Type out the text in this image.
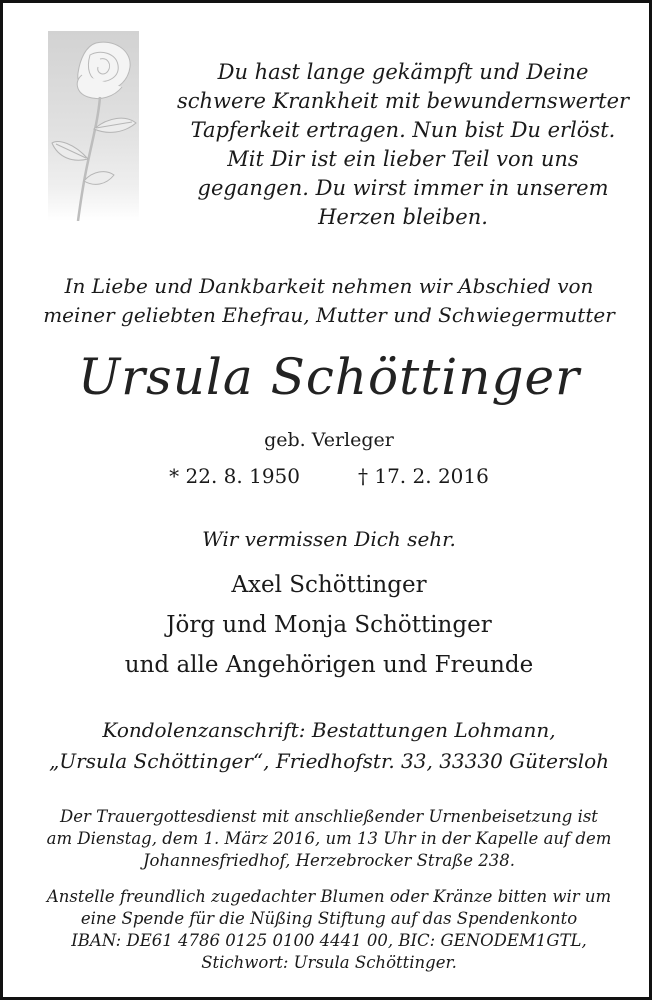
Du hast lange gekämpft und Deine
schwere Krankheit mit bewundernswerter
Tapferkeit ertragen. Nun bist Du erlöst.
Mit Dir ist ein lieber Teil von uns
gegangen. Du wirst immer in unserem
Herzen bleiben.
In Liebe und Dankbarkeit nehmen wir Abschied von
meiner geliebten Ehefrau, Mutter und Schwiegermutter
Ursula Schöttinger
geb. Verleger
* 22. 8. 1950	† 17. 2. 2016
Wir vermissen Dich sehr.
Axel Schöttinger
Jörg und Monja Schöttinger
und alle Angehörigen und Freunde
Kondolenzanschrift: Bestattungen Lohmann,
„Ursula Schöttinger“, Friedhofstr. 33, 33330 Gütersloh
Der Trauergottesdienst mit anschließender Urnenbeisetzung ist
am Dienstag, dem 1. März 2016, um 13 Uhr in der Kapelle auf dem
Johannesfriedhof, Herzebrocker Straße 238.
Anstelle freundlich zugedachter Blumen oder Kränze bitten wir um
eine Spende für die Nüßing Stiftung auf das Spendenkonto
IBAN: DE61 4786 0125 0100 4441 00, BIC: GENODEM1GTL,
Stichwort: Ursula Schöttinger.
